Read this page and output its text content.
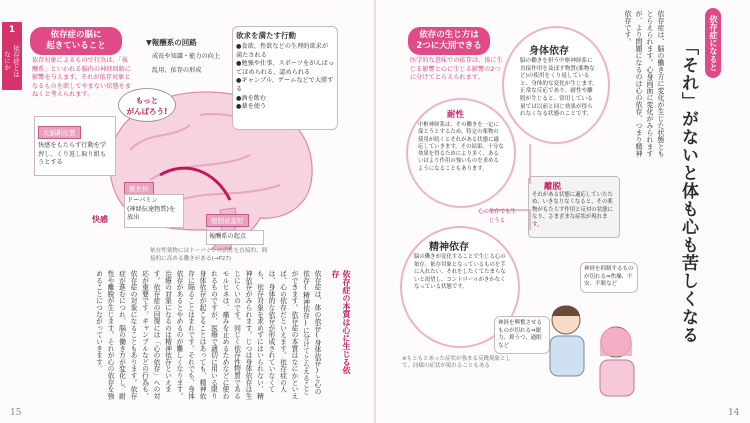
1
依存症とは
なにか
依存症の脳に
起きていること
依存対象によるもので行為は、「報酬系」といわれる脳内の神経回路に影響を与えます。それが依存対象となるものを欲してやまない状態をまねくと考えられます。
▼報酬系の回路
成長や知識・能力の向上
乱用、依存の形成
もっと
がんばろう!
大脳新皮質
快感をもたらす行動を学習し、くり返し取り組もうとする
快感
側坐核
ドーパミン
(神経伝達物質)を放出	腹側被蓋野
報酬系の起点
欲求を満たす行動
●食欲、性欲などの生理的欲求が満たされる
●勉強や仕事、スポーツをがんばってほめられる、認められる
●ギャンブル、ゲームなどで大勝する
●酒を飲む
●薬を使う
依存性薬物にはドーパミンの活性を直接的、間接的に高める働きがある(→P27)
依存症の本質は心に生じる依存
依存症は、体の依存(身体依存)と心の依存(精神依存)に分けてとらえることができます。依存症の本質はなにかといえば、心の依存だといえます。依存症の人は、身体的な依存が形成されていなくても、依存対象を求めずにはいられない、精神依存がみられます。じつは身体依存は生じにくいのです。同じく依存性物質であるモルヒネは、痛みを止めるためなどに使われるものですが、医療で適切に用いる限り身体依存が起こることはあっても、精神依存に陥ることはまれです。それでも、身体依存があるとやめるのが難しくなります。治療の対象になるのは精神依存といえます。依存症の回復には「心の依存」への対応が重要です。ギャンブルなどの行為も、依存症の対象になることもあります。依存症が進むにつれ、脳の働き方が変化し、耐性や離脱が生じます。それが心の依存を強めることにつながっていきます。
15
依存症になると
「それ」がないと体も心も苦しくなる
依存症は、脳の働き方に変化が生じた状態ともとらえられます。心身両面に変化がみられますが、より問題になるのは心の依存、つまり精神依存です。
依存の生じ方は
2つに大別できる
医学的な意味での依存は、体に生じる影響と心に生じる影響の2つに分けてとらえられます。
身体依存
脳の働きを担う中枢神経系に直接作用を及ぼす物質(薬物など)の使用をくり返していると、身体的な変化が生じます。正常な反応であり、耐性や離脱が生じると、常用している量では以前と同じ効果が得られなくなる状態のことです。
耐性
中枢神経系は、その働きを一定に保とうとするため、特定の薬物の使用が続くとそれがある状態に適応していきます。その結果、十分な効果を得るためにより多く、あるいはより作用の強いものを求めるようになることもあります。
離脱
それがある状態に適応していたため、いきなりなくなると、その薬物がもたらす作用と反対の状態になり、さまざまな症状が現れます。
心の依存でも生じうる
精神依存
脳の働きが変化することで生じる心の依存。依存対象となっているものを手に入れたい、それをしたくてたまらないと渇望し、コントロールがきかなくなっている状態です。
神経を抑制するものが切れる⇒焦燥、不安、不眠など
神経を興奮させるものが切れる⇒眠力、抑うつ、過眠など
※もともとあった症状が強まる反跳現象として、同様の症状が現れることもある
14
